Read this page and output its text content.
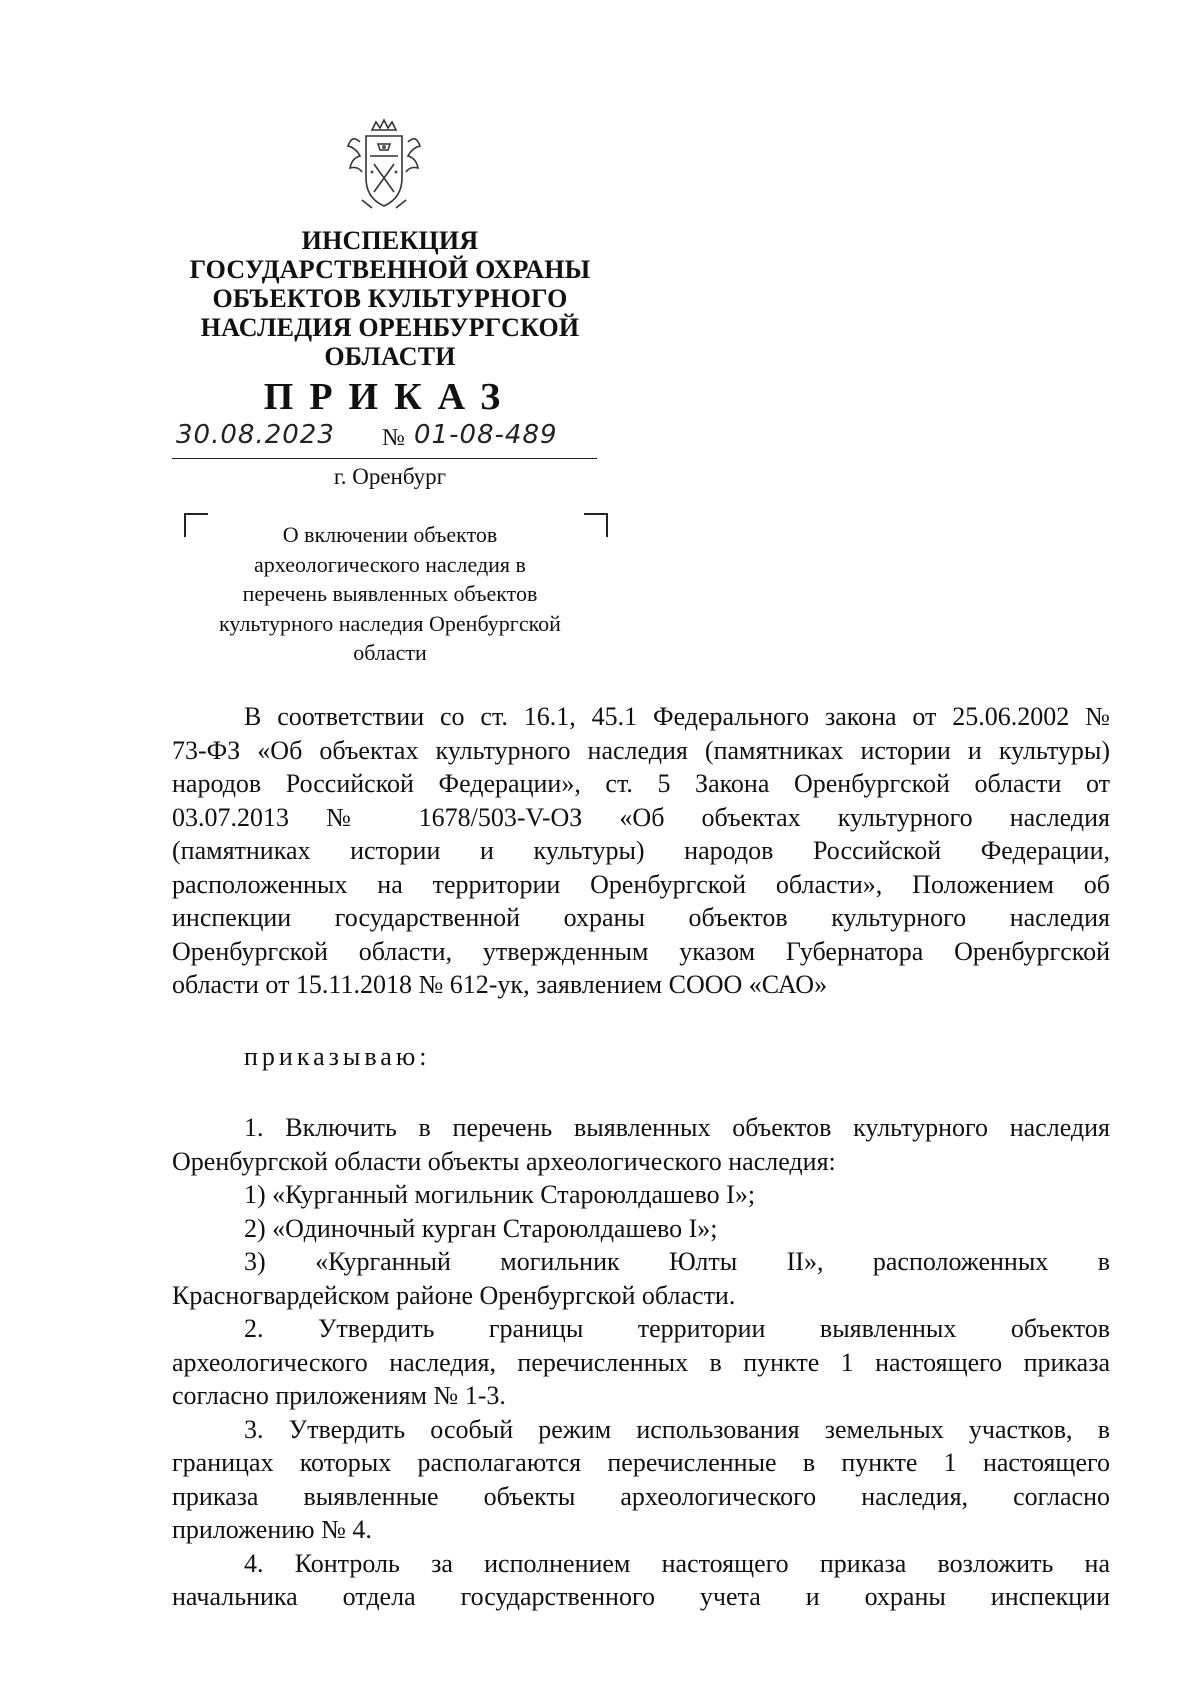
ИНСПЕКЦИЯ
ГОСУДАРСТВЕННОЙ ОХРАНЫ
ОБЪЕКТОВ КУЛЬТУРНОГО
НАСЛЕДИЯ ОРЕНБУРГСКОЙ
ОБЛАСТИ
ПРИКАЗ
30.08.2023 № 01-08-489
г. Оренбург
О включении объектов
археологического наследия в
перечень выявленных объектов
культурного наследия Оренбургской
области
В соответствии со ст. 16.1, 45.1 Федерального закона от 25.06.2002 №
73-ФЗ «Об объектах культурного наследия (памятниках истории и культуры)
народов Российской Федерации», ст. 5 Закона Оренбургской области от
03.07.2013 № 1678/503-V-ОЗ «Об объектах культурного наследия
(памятниках истории и культуры) народов Российской Федерации,
расположенных на территории Оренбургской области», Положением об
инспекции государственной охраны объектов культурного наследия
Оренбургской области, утвержденным указом Губернатора Оренбургской
области от 15.11.2018 № 612-ук, заявлением СООО «САО»
приказываю:
1. Включить в перечень выявленных объектов культурного наследия
Оренбургской области объекты археологического наследия:
1) «Курганный могильник Староюлдашево I»;
2) «Одиночный курган Староюлдашево I»;
3) «Курганный могильник Юлты II», расположенных в
Красногвардейском районе Оренбургской области.
2. Утвердить границы территории выявленных объектов
археологического наследия, перечисленных в пункте 1 настоящего приказа
согласно приложениям № 1-3.
3. Утвердить особый режим использования земельных участков, в
границах которых располагаются перечисленные в пункте 1 настоящего
приказа выявленные объекты археологического наследия, согласно
приложению № 4.
4. Контроль за исполнением настоящего приказа возложить на
начальника отдела государственного учета и охраны инспекции
